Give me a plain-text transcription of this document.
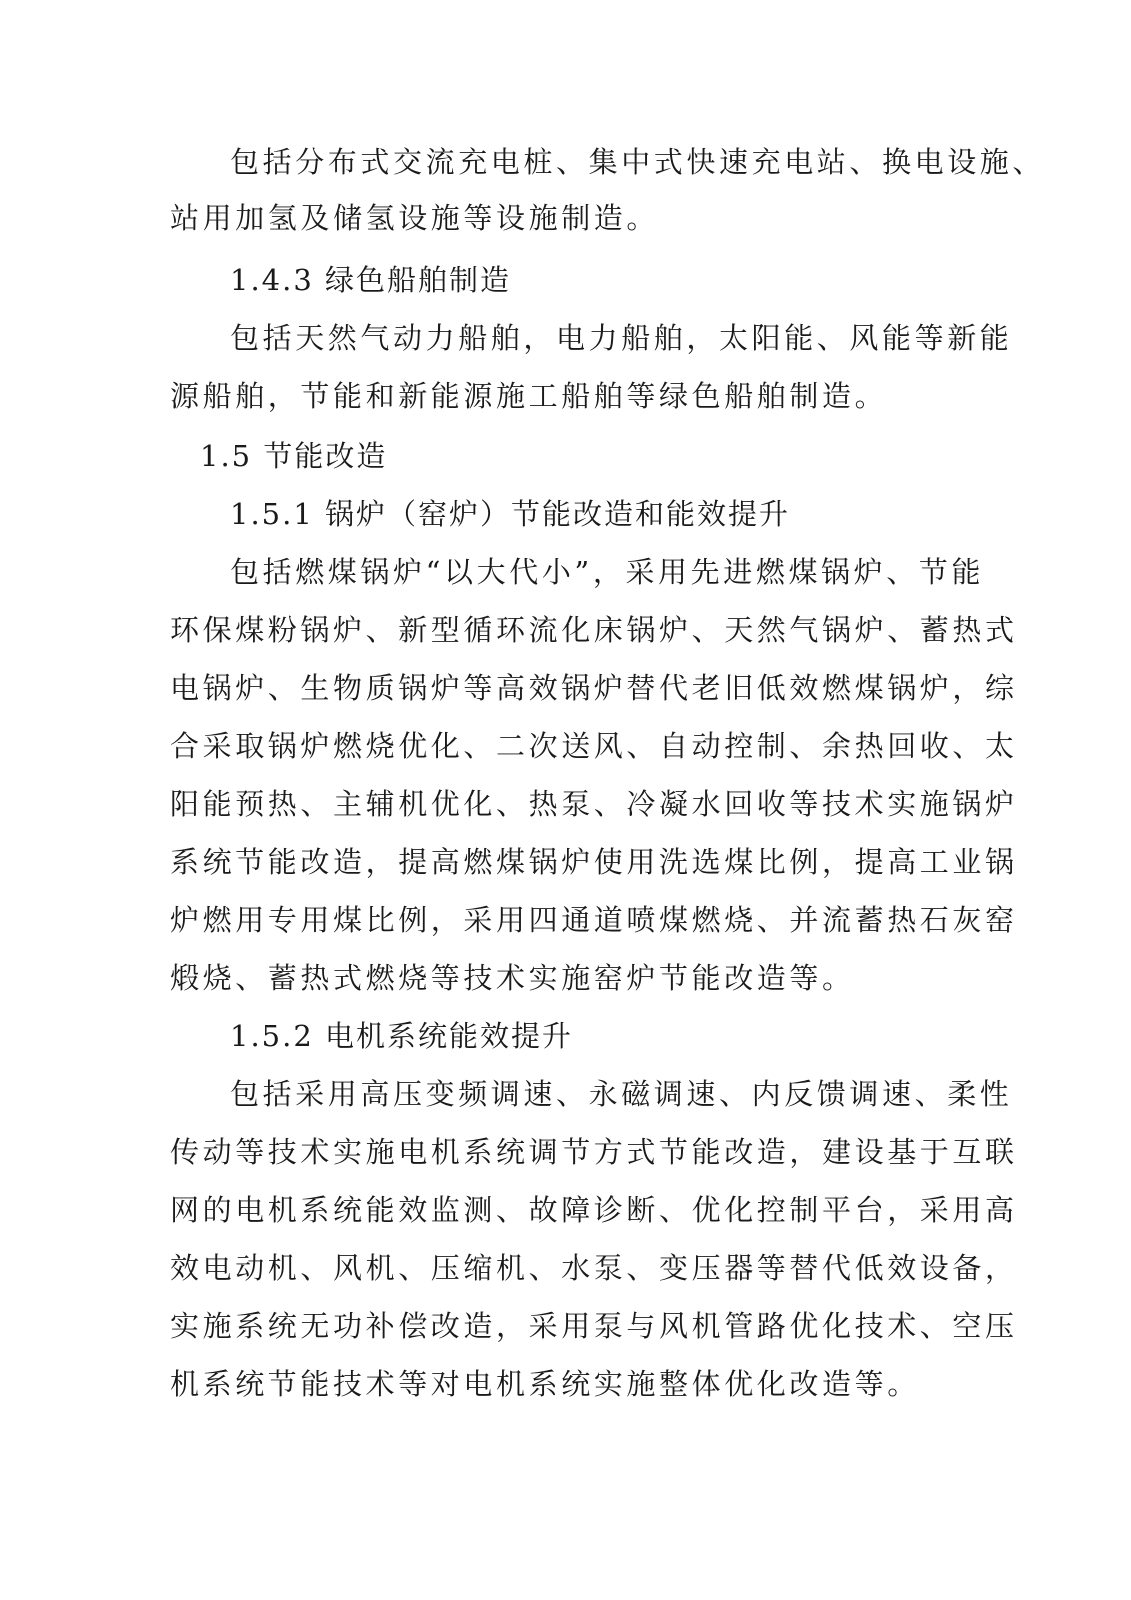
包括分布式交流充电桩、集中式快速充电站、换电设施、

站用加氢及储氢设施等设施制造。

1.4.3 绿色船舶制造

包括天然气动力船舶，电力船舶，太阳能、风能等新能

源船舶，节能和新能源施工船舶等绿色船舶制造。

1.5 节能改造

1.5.1 锅炉（窑炉）节能改造和能效提升

包括燃煤锅炉“以大代小”，采用先进燃煤锅炉、节能

环保煤粉锅炉、新型循环流化床锅炉、天然气锅炉、蓄热式

电锅炉、生物质锅炉等高效锅炉替代老旧低效燃煤锅炉，综

合采取锅炉燃烧优化、二次送风、自动控制、余热回收、太

阳能预热、主辅机优化、热泵、冷凝水回收等技术实施锅炉

系统节能改造，提高燃煤锅炉使用洗选煤比例，提高工业锅

炉燃用专用煤比例，采用四通道喷煤燃烧、并流蓄热石灰窑

煅烧、蓄热式燃烧等技术实施窑炉节能改造等。

1.5.2 电机系统能效提升

包括采用高压变频调速、永磁调速、内反馈调速、柔性

传动等技术实施电机系统调节方式节能改造，建设基于互联

网的电机系统能效监测、故障诊断、优化控制平台，采用高

效电动机、风机、压缩机、水泵、变压器等替代低效设备，

实施系统无功补偿改造，采用泵与风机管路优化技术、空压

机系统节能技术等对电机系统实施整体优化改造等。
